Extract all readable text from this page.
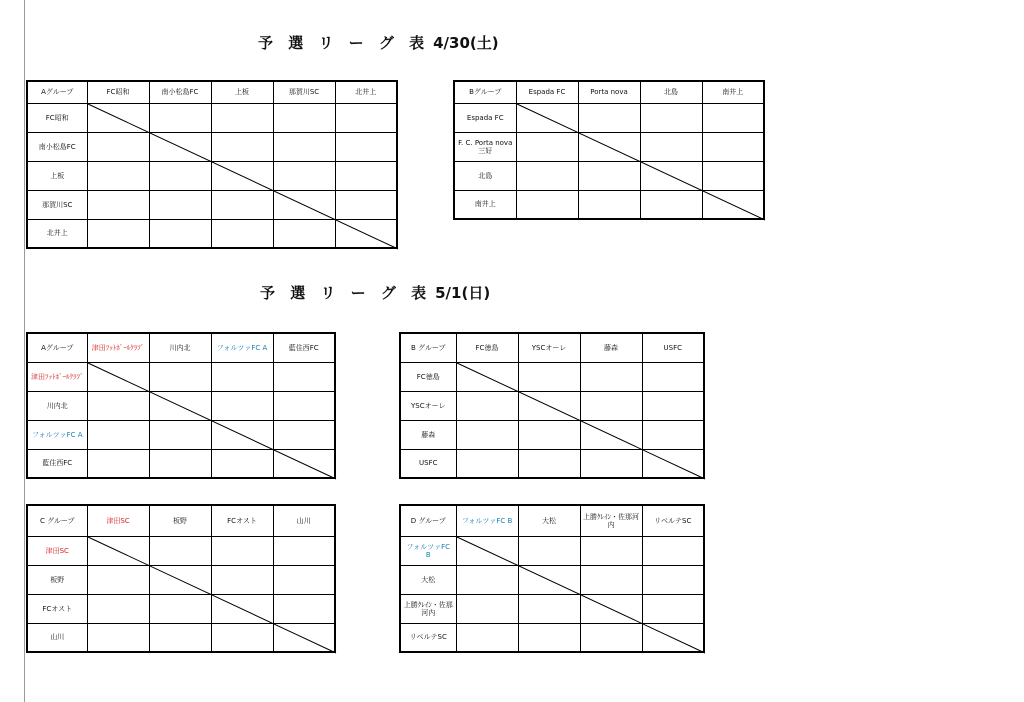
予 選 リ ー グ 表 4/30(土)
予 選 リ ー グ 表 5/1(日)
Aグループ	FC昭和	南小松島FC	上板	那賀川SC	北井上
FC昭和					
南小松島FC					
上板					
那賀川SC					
北井上					
Bグループ	Espada FC	Porta nova	北島	南井上
Espada FC				
F. C. Porta nova三好				
北島				
南井上				
Aグループ	津田ﾌｯﾄﾎﾞｰﾙｸﾗﾌﾞ	川内北	フォルツァFC A	藍住西FC
津田ﾌｯﾄﾎﾞｰﾙｸﾗﾌﾞ				
川内北				
フォルツァFC A				
藍住西FC				
B グループ	FC徳島	YSCオーレ	藤森	USFC
FC徳島				
YSCオーレ				
藤森				
USFC				
C グループ	津田SC	板野	FCオスト	山川
津田SC				
板野				
FCオスト				
山川				
D グループ	フォルツァFC B	大松	上勝ｸﾚｲﾝ・佐那河内	リベルテSC
フォルツァFC B				
大松				
上勝ｸﾚｲﾝ・佐那河内				
リベルテSC				
